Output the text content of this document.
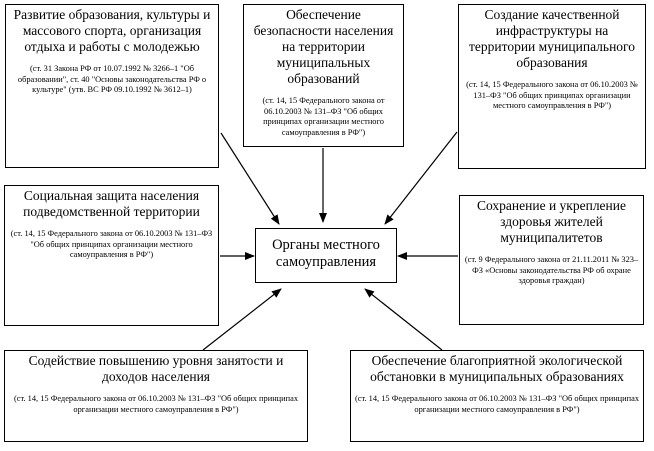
Развитие образования, культуры и массового спорта, организация отдыха и работы с молодежью
(ст. 31 Закона РФ от 10.07.1992 № 3266–1 "Об образовании", ст. 40 "Основы законодательства РФ о культуре" (утв. ВС РФ 09.10.1992 № 3612–1)
Обеспечение безопасности населения на территории муниципальных образований
(ст. 14, 15 Федерального закона от 06.10.2003 № 131–ФЗ "Об общих принципах организации местного самоуправления в РФ")
Создание качественной инфраструктуры на территории муниципального образования
(ст. 14, 15 Федерального закона от 06.10.2003 № 131–ФЗ "Об общих принципах организации местного самоуправления в РФ")
Социальная защита населения подведомственной территории
(ст. 14, 15 Федерального закона от 06.10.2003 № 131–ФЗ "Об общих принципах организации местного самоуправления в РФ")
Органы местного самоуправления
Сохранение и укрепление здоровья жителей муниципалитетов
(ст. 9 Федерального закона от 21.11.2011 № 323–ФЗ «Основы законодательства РФ об охране здоровья граждан)
Содействие повышению уровня занятости и доходов населения
(ст. 14, 15 Федерального закона от 06.10.2003 № 131–ФЗ "Об общих принципах организации местного самоуправления в РФ")
Обеспечение благоприятной экологической обстановки в муниципальных образованиях
(ст. 14, 15 Федерального закона от 06.10.2003 № 131–ФЗ "Об общих принципах организации местного самоуправления в РФ")
